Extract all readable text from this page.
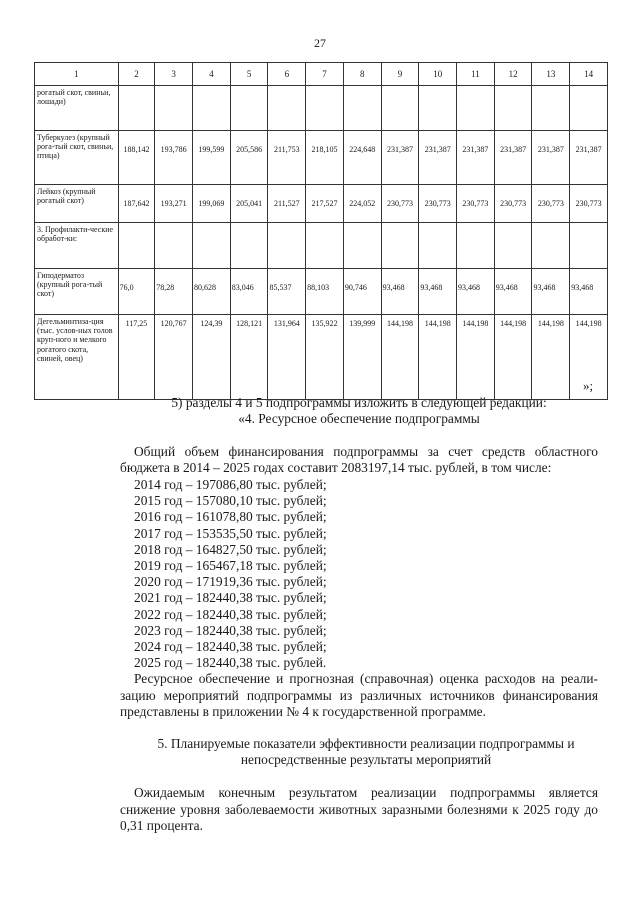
27
1	2	3	4	5	6	7	8	9	10	11	12	13	14
рогатый скот, свиньи, лошади)													
Туберкулез (крупный рога-тый скот, свиньи, птица)	188,142	193,786	199,599	205,586	211,753	218,105	224,648	231,387	231,387	231,387	231,387	231,387	231,387
Лейкоз (крупный рогатый скот)	187,642	193,271	199,069	205,041	211,527	217,527	224,052	230,773	230,773	230,773	230,773	230,773	230,773
3. Профилакти-ческие обработ-ки:													
Гиподерматоз (крупный рога-тый скот)	76,0	78,28	80,628	83,046	85,537	88,103	90,746	93,468	93,468	93,468	93,468	93,468	93,468
Дегельминтиза-ция (тыс. услов-ных голов круп-ного и мелкого рогатого скота, свиней, овец)	117,25	120,767	124,39	128,121	131,964	135,922	139,999	144,198	144,198	144,198	144,198	144,198	144,198
»;
5) разделы 4 и 5 подпрограммы изложить в следующей редакции:
«4. Ресурсное обеспечение подпрограммы
Общий объем финансирования подпрограммы за счет средств областного
бюджета в 2014 – 2025 годах составит 2083197,14 тыс. рублей, в том числе:
2014 год – 197086,80 тыс. рублей;
2015 год – 157080,10 тыс. рублей;
2016 год – 161078,80 тыс. рублей;
2017 год – 153535,50 тыс. рублей;
2018 год – 164827,50 тыс. рублей;
2019 год – 165467,18 тыс. рублей;
2020 год – 171919,36 тыс. рублей;
2021 год – 182440,38 тыс. рублей;
2022 год – 182440,38 тыс. рублей;
2023 год – 182440,38 тыс. рублей;
2024 год – 182440,38 тыс. рублей;
2025 год – 182440,38 тыс. рублей.
Ресурсное обеспечение и прогнозная (справочная) оценка расходов на реали-
зацию мероприятий подпрограммы из различных источников финансирования
представлены в приложении № 4 к государственной программе.
5. Планируемые показатели эффективности реализации подпрограммы и
непосредственные результаты мероприятий
Ожидаемым конечным результатом реализации подпрограммы является
снижение уровня заболеваемости животных заразными болезнями к 2025 году до
0,31 процента.
